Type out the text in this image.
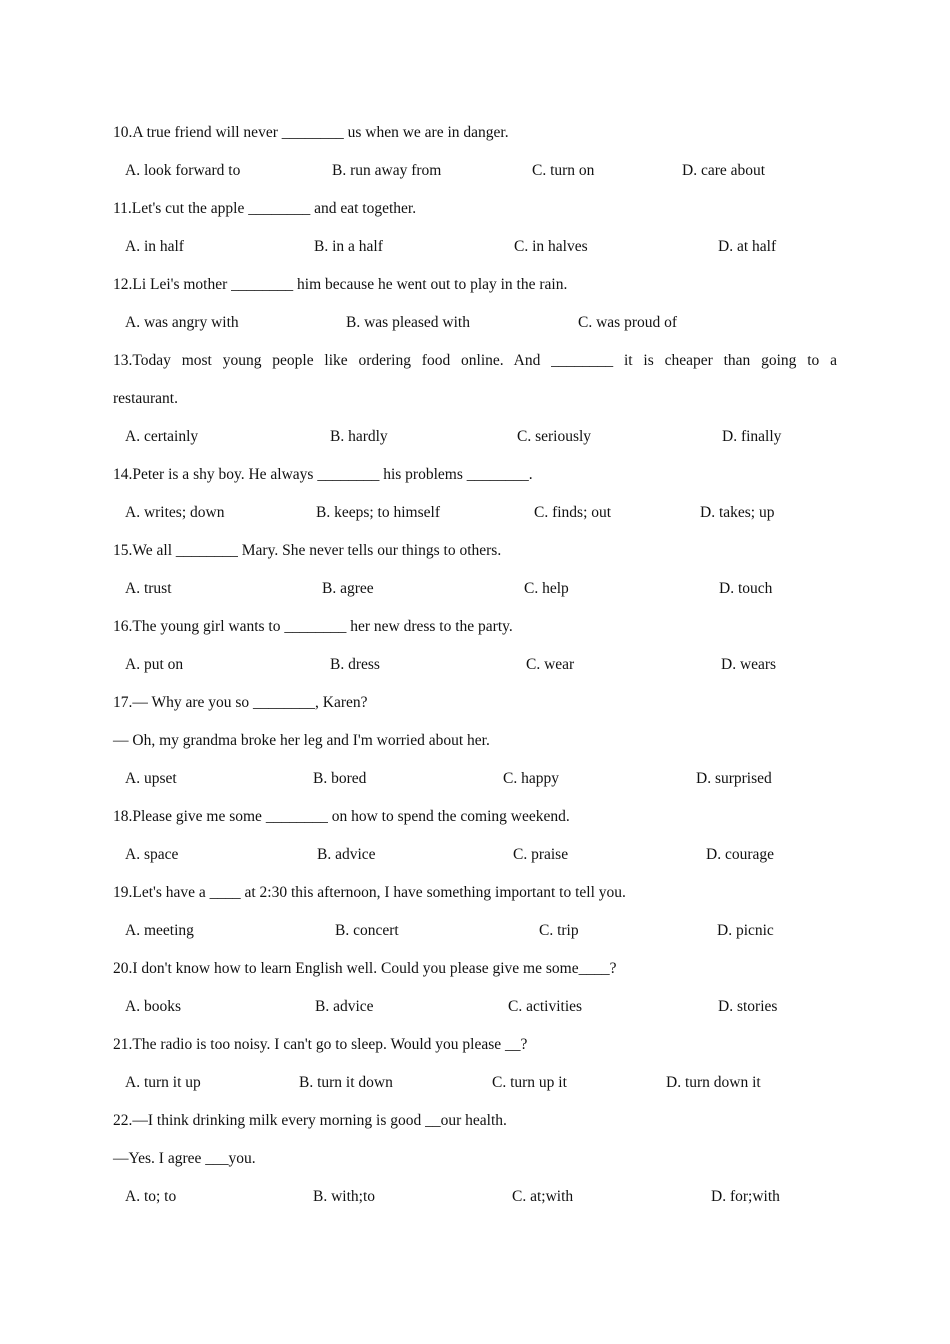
10.A true friend will never ________ us when we are in danger.
A. look forward to	B. run away from	C. turn on	D. care about
11.Let's cut the apple ________ and eat together.
A. in half	B. in a half	C. in halves	D. at half
12.Li Lei's mother ________ him because he went out to play in the rain.
A. was angry with	B. was pleased with	C. was proud of
13.Today most young people like ordering food online. And ________ it is cheaper than going to a
restaurant.
A. certainly	B. hardly	C. seriously	D. finally
14.Peter is a shy boy. He always ________ his problems ________.
A. writes; down	B. keeps; to himself	C. finds; out	D. takes; up
15.We all ________ Mary. She never tells our things to others.
A. trust	B. agree	C. help	D. touch
16.The young girl wants to ________ her new dress to the party.
A. put on	B. dress	C. wear	D. wears
17.— Why are you so ________, Karen?
— Oh, my grandma broke her leg and I'm worried about her.
A. upset	B. bored	C. happy	D. surprised
18.Please give me some ________ on how to spend the coming weekend.
A. space	B. advice	C. praise	D. courage
19.Let's have a ____ at 2:30 this afternoon, I have something important to tell you.
A. meeting	B. concert	C. trip	D. picnic
20.I don't know how to learn English well. Could you please give me some____?
A. books	B. advice	C. activities	D. stories
21.The radio is too noisy. I can't go to sleep. Would you please __?
A. turn it up	B. turn it down	C. turn up it	D. turn down it
22.—I think drinking milk every morning is good __our health.
—Yes. I agree ___you.
A. to; to	B. with;to	C. at;with	D. for;with
